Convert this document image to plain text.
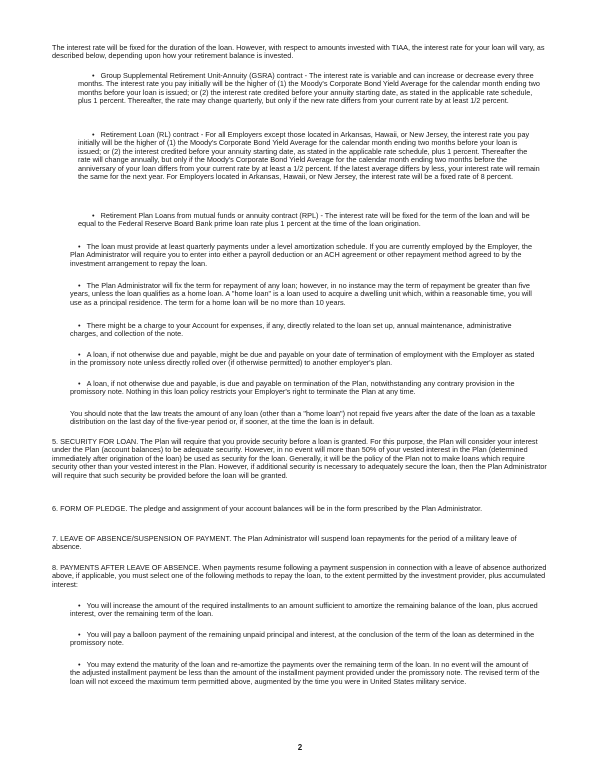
The interest rate will be fixed for the duration of the loan. However, with respect to amounts invested with TIAA, the interest rate for your loan will vary, as described below, depending upon how your retirement balance is invested.

• Group Supplemental Retirement Unit-Annuity (GSRA) contract - The interest rate is variable and can increase or decrease every three months. The interest rate you pay initially will be the higher of (1) the Moody's Corporate Bond Yield Average for the calendar month ending two months before your loan is issued; or (2) the interest rate credited before your annuity starting date, as stated in the applicable rate schedule, plus 1 percent. Thereafter, the rate may change quarterly, but only if the new rate differs from your current rate by at least 1/2 percent.

• Retirement Loan (RL) contract - For all Employers except those located in Arkansas, Hawaii, or New Jersey, the interest rate you pay initially will be the higher of (1) the Moody's Corporate Bond Yield Average for the calendar month ending two months before your loan is issued; or (2) the interest credited before your annuity starting date, as stated in the applicable rate schedule, plus 1 percent. Thereafter the rate will change annually, but only if the Moody's Corporate Bond Yield Average for the calendar month ending two months before the anniversary of your loan differs from your current rate by at least a 1/2 percent. If the latest average differs by less, your interest rate will remain the same for the next year. For Employers located in Arkansas, Hawaii, or New Jersey, the interest rate will be a fixed rate of 8 percent.

• Retirement Plan Loans from mutual funds or annuity contract (RPL) - The interest rate will be fixed for the term of the loan and will be equal to the Federal Reserve Board Bank prime loan rate plus 1 percent at the time of the loan origination.

• The loan must provide at least quarterly payments under a level amortization schedule. If you are currently employed by the Employer, the Plan Administrator will require you to enter into either a payroll deduction or an ACH agreement or other repayment method agreed to by the investment arrangement to repay the loan.

• The Plan Administrator will fix the term for repayment of any loan; however, in no instance may the term of repayment be greater than five years, unless the loan qualifies as a home loan. A "home loan" is a loan used to acquire a dwelling unit which, within a reasonable time, you will use as a principal residence. The term for a home loan will be no more than 10 years.

• There might be a charge to your Account for expenses, if any, directly related to the loan set up, annual maintenance, administrative charges, and collection of the note.

• A loan, if not otherwise due and payable, might be due and payable on your date of termination of employment with the Employer as stated in the promissory note unless directly rolled over (if otherwise permitted) to another employer's plan.

• A loan, if not otherwise due and payable, is due and payable on termination of the Plan, notwithstanding any contrary provision in the promissory note. Nothing in this loan policy restricts your Employer's right to terminate the Plan at any time.

You should note that the law treats the amount of any loan (other than a "home loan") not repaid five years after the date of the loan as a taxable distribution on the last day of the five-year period or, if sooner, at the time the loan is in default.

5. SECURITY FOR LOAN. The Plan will require that you provide security before a loan is granted. For this purpose, the Plan will consider your interest under the Plan (account balances) to be adequate security. However, in no event will more than 50% of your vested interest in the Plan (determined immediately after origination of the loan) be used as security for the loan. Generally, it will be the policy of the Plan not to make loans which require security other than your vested interest in the Plan. However, if additional security is necessary to adequately secure the loan, then the Plan Administrator will require that such security be provided before the loan will be granted.

6. FORM OF PLEDGE. The pledge and assignment of your account balances will be in the form prescribed by the Plan Administrator.

7. LEAVE OF ABSENCE/SUSPENSION OF PAYMENT. The Plan Administrator will suspend loan repayments for the period of a military leave of absence.

8. PAYMENTS AFTER LEAVE OF ABSENCE. When payments resume following a payment suspension in connection with a leave of absence authorized above, if applicable, you must select one of the following methods to repay the loan, to the extent permitted by the investment provider, plus accumulated interest:

• You will increase the amount of the required installments to an amount sufficient to amortize the remaining balance of the loan, plus accrued interest, over the remaining term of the loan.

• You will pay a balloon payment of the remaining unpaid principal and interest, at the conclusion of the term of the loan as determined in the promissory note.

• You may extend the maturity of the loan and re-amortize the payments over the remaining term of the loan. In no event will the amount of the adjusted installment payment be less than the amount of the installment payment provided under the promissory note. The revised term of the loan will not exceed the maximum term permitted above, augmented by the time you were in United States military service.

2
